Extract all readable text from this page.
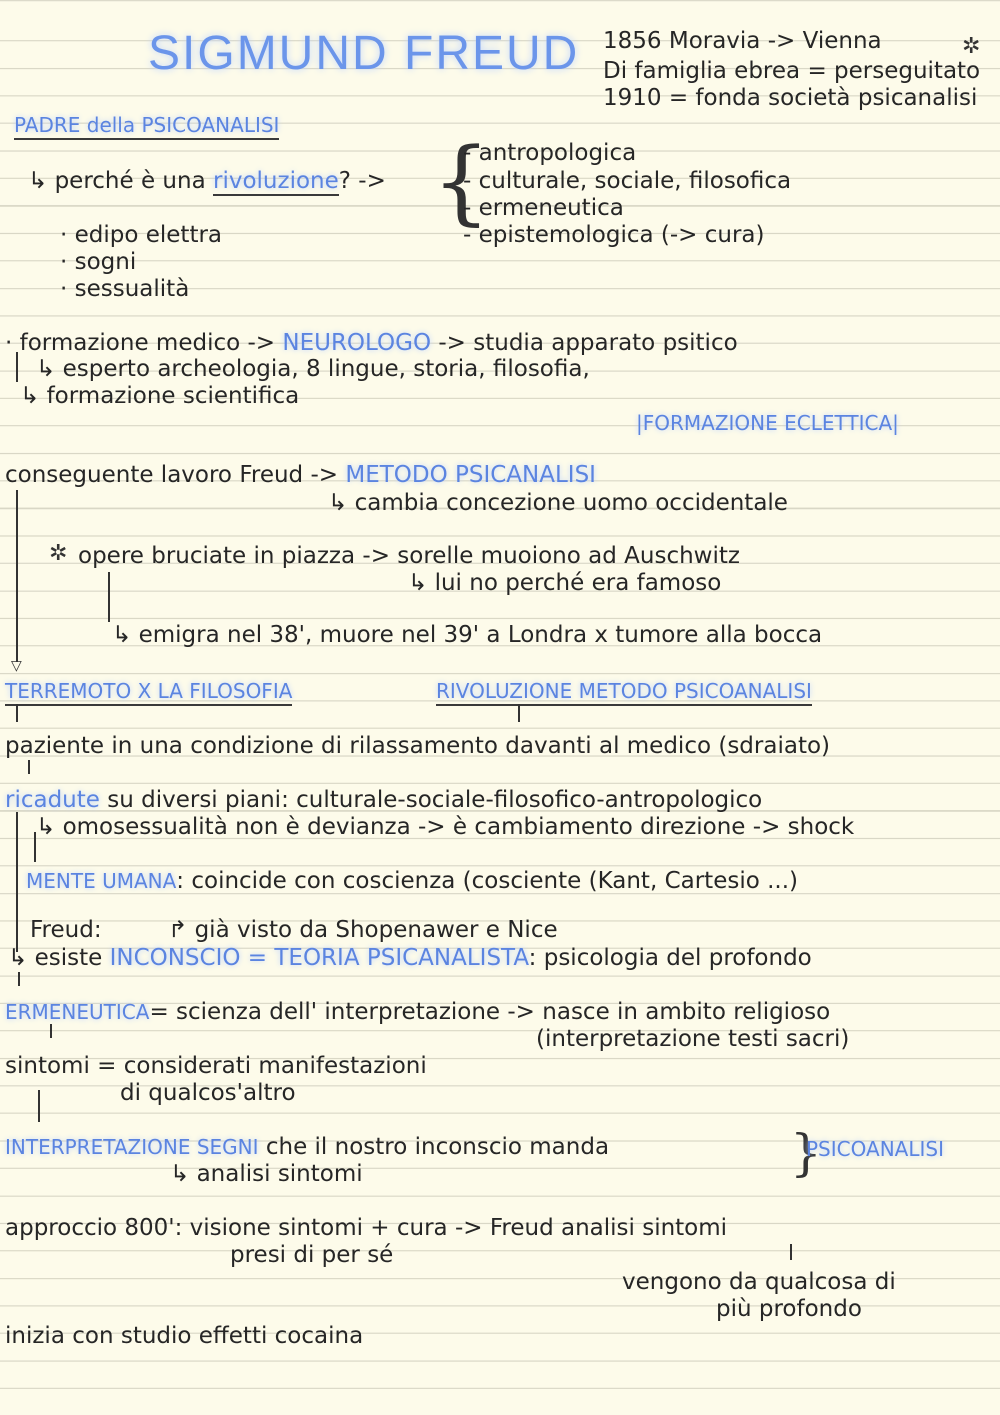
SIGMUND FREUD 1856 Moravia -> Vienna
Di famiglia ebrea = perseguitato
1910 = fonda società psicanalisi
✲
PADRE della PSICOANALISI
↳ perché è una rivoluzione? -> {
- antropologica
- culturale, sociale, filosofica
- ermeneutica
- epistemologica (-> cura)
· edipo elettra
· sogni
· sessualità
· formazione medico -> NEUROLOGO -> studia apparato psitico
↳ esperto archeologia, 8 lingue, storia, filosofia,
↳ formazione scientifica
|FORMAZIONE ECLETTICA|
conseguente lavoro Freud -> METODO PSICANALISI
↳ cambia concezione uomo occidentale
▽
✲ opere bruciate in piazza -> sorelle muoiono ad Auschwitz
↳ lui no perché era famoso
↳ emigra nel 38', muore nel 39' a Londra x tumore alla bocca
TERREMOTO X LA FILOSOFIA	RIVOLUZIONE METODO PSICOANALISI
paziente in una condizione di rilassamento davanti al medico (sdraiato)
ricadute su diversi piani: culturale-sociale-filosofico-antropologico
↳ omosessualità non è devianza -> è cambiamento direzione -> shock
MENTE UMANA: coincide con coscienza (cosciente (Kant, Cartesio ...)
Freud:	↱ già visto da Shopenawer e Nice
↳ esiste INCONSCIO = TEORIA PSICANALISTA: psicologia del profondo
ERMENEUTICA= scienza dell' interpretazione -> nasce in ambito religioso
(interpretazione testi sacri)
sintomi = considerati manifestazioni
di qualcos'altro
INTERPRETAZIONE SEGNI che il nostro inconscio manda
↳ analisi sintomi	}
PSICOANALISI
approccio 800': visione sintomi + cura -> Freud analisi sintomi
presi di per sé
vengono da qualcosa di
più profondo
inizia con studio effetti cocaina
